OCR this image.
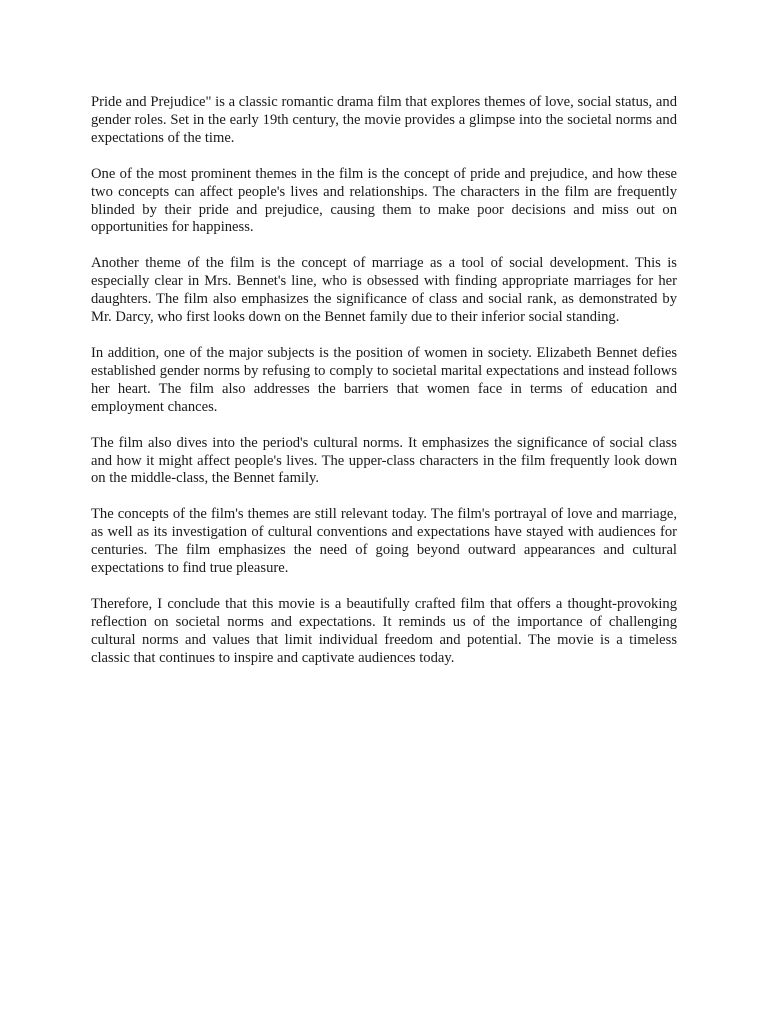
Pride and Prejudice" is a classic romantic drama film that explores themes of love, social status, and gender roles. Set in the early 19th century, the movie provides a glimpse into the societal norms and expectations of the time.

One of the most prominent themes in the film is the concept of pride and prejudice, and how these two concepts can affect people's lives and relationships. The characters in the film are frequently blinded by their pride and prejudice, causing them to make poor decisions and miss out on opportunities for happiness.

Another theme of the film is the concept of marriage as a tool of social development. This is especially clear in Mrs. Bennet's line, who is obsessed with finding appropriate marriages for her daughters. The film also emphasizes the significance of class and social rank, as demonstrated by Mr. Darcy, who first looks down on the Bennet family due to their inferior social standing.

In addition, one of the major subjects is the position of women in society. Elizabeth Bennet defies established gender norms by refusing to comply to societal marital expectations and instead follows her heart. The film also addresses the barriers that women face in terms of education and employment chances.

The film also dives into the period's cultural norms. It emphasizes the significance of social class and how it might affect people's lives. The upper-class characters in the film frequently look down on the middle-class, the Bennet family.

The concepts of the film's themes are still relevant today. The film's portrayal of love and marriage, as well as its investigation of cultural conventions and expectations have stayed with audiences for centuries. The film emphasizes the need of going beyond outward appearances and cultural expectations to find true pleasure.

Therefore, I conclude that this movie is a beautifully crafted film that offers a thought-provoking reflection on societal norms and expectations. It reminds us of the importance of challenging cultural norms and values that limit individual freedom and potential. The movie is a timeless classic that continues to inspire and captivate audiences today.
